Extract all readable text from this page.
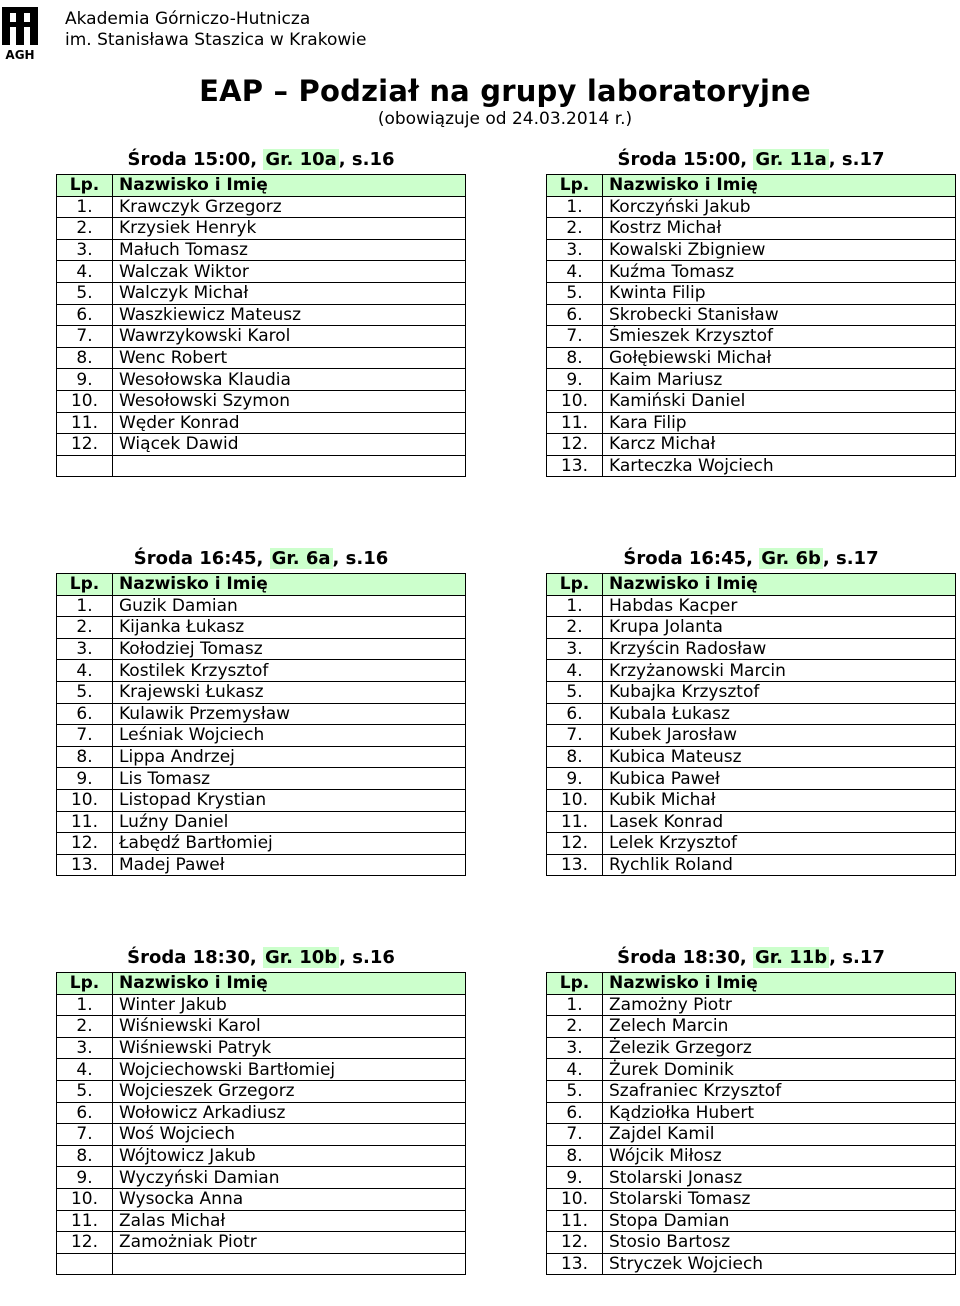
AGH
Akademia Górniczo-Hutnicza
im. Stanisława Staszica w Krakowie
EAP – Podział na grupy laboratoryjne
(obowiązuje od 24.03.2014 r.)
Środa 15:00, Gr. 10a , s.16
Lp.	Nazwisko i Imię
1.	Krawczyk Grzegorz
2.	Krzysiek Henryk
3.	Małuch Tomasz
4.	Walczak Wiktor
5.	Walczyk Michał
6.	Waszkiewicz Mateusz
7.	Wawrzykowski Karol
8.	Wenc Robert
9.	Wesołowska Klaudia
10.	Wesołowski Szymon
11.	Węder Konrad
12.	Wiącek Dawid

Środa 15:00, Gr. 11a , s.17
Lp.	Nazwisko i Imię
1.	Korczyński Jakub
2.	Kostrz Michał
3.	Kowalski Zbigniew
4.	Kuźma Tomasz
5.	Kwinta Filip
6.	Skrobecki Stanisław
7.	Śmieszek Krzysztof
8.	Gołębiewski Michał
9.	Kaim Mariusz
10.	Kamiński Daniel
11.	Kara Filip
12.	Karcz Michał
13.	Karteczka Wojciech
Środa 16:45, Gr. 6a , s.16
Lp.	Nazwisko i Imię
1.	Guzik Damian
2.	Kijanka Łukasz
3.	Kołodziej Tomasz
4.	Kostilek Krzysztof
5.	Krajewski Łukasz
6.	Kulawik Przemysław
7.	Leśniak Wojciech
8.	Lippa Andrzej
9.	Lis Tomasz
10.	Listopad Krystian
11.	Luźny Daniel
12.	Łabędź Bartłomiej
13.	Madej Paweł
Środa 16:45, Gr. 6b , s.17
Lp.	Nazwisko i Imię
1.	Habdas Kacper
2.	Krupa Jolanta
3.	Krzyścin Radosław
4.	Krzyżanowski Marcin
5.	Kubajka Krzysztof
6.	Kubala Łukasz
7.	Kubek Jarosław
8.	Kubica Mateusz
9.	Kubica Paweł
10.	Kubik Michał
11.	Lasek Konrad
12.	Lelek Krzysztof
13.	Rychlik Roland
Środa 18:30, Gr. 10b , s.16
Lp.	Nazwisko i Imię
1.	Winter Jakub
2.	Wiśniewski Karol
3.	Wiśniewski Patryk
4.	Wojciechowski Bartłomiej
5.	Wojcieszek Grzegorz
6.	Wołowicz Arkadiusz
7.	Woś Wojciech
8.	Wójtowicz Jakub
9.	Wyczyński Damian
10.	Wysocka Anna
11.	Zalas Michał
12.	Zamożniak Piotr

Środa 18:30, Gr. 11b , s.17
Lp.	Nazwisko i Imię
1.	Zamożny Piotr
2.	Zelech Marcin
3.	Żelezik Grzegorz
4.	Żurek Dominik
5.	Szafraniec Krzysztof
6.	Kądziołka Hubert
7.	Zajdel Kamil
8.	Wójcik Miłosz
9.	Stolarski Jonasz
10.	Stolarski Tomasz
11.	Stopa Damian
12.	Stosio Bartosz
13.	Stryczek Wojciech
